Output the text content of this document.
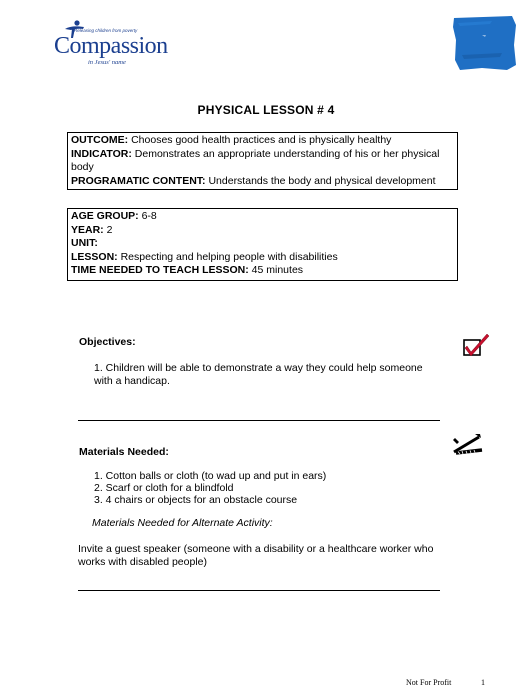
Releasing children from poverty
Compassion
in Jesus' name
PHYSICAL LESSON # 4
OUTCOME: Chooses good health practices and is physically healthy
INDICATOR: Demonstrates an appropriate understanding of his or her physical body
PROGRAMATIC CONTENT: Understands the body and physical development
AGE GROUP: 6-8
YEAR: 2
UNIT:
LESSON: Respecting and helping people with disabilities
TIME NEEDED TO TEACH LESSON: 45 minutes
Objectives:
1. Children will be able to demonstrate a way they could help someone with a handicap.
Materials Needed:
1. Cotton balls or cloth (to wad up and put in ears)
2. Scarf or cloth for a blindfold
3. 4 chairs or objects for an obstacle course
Materials Needed for Alternate Activity:
Invite a guest speaker (someone with a disability or a healthcare worker who works with disabled people)
Not For Profit	1
